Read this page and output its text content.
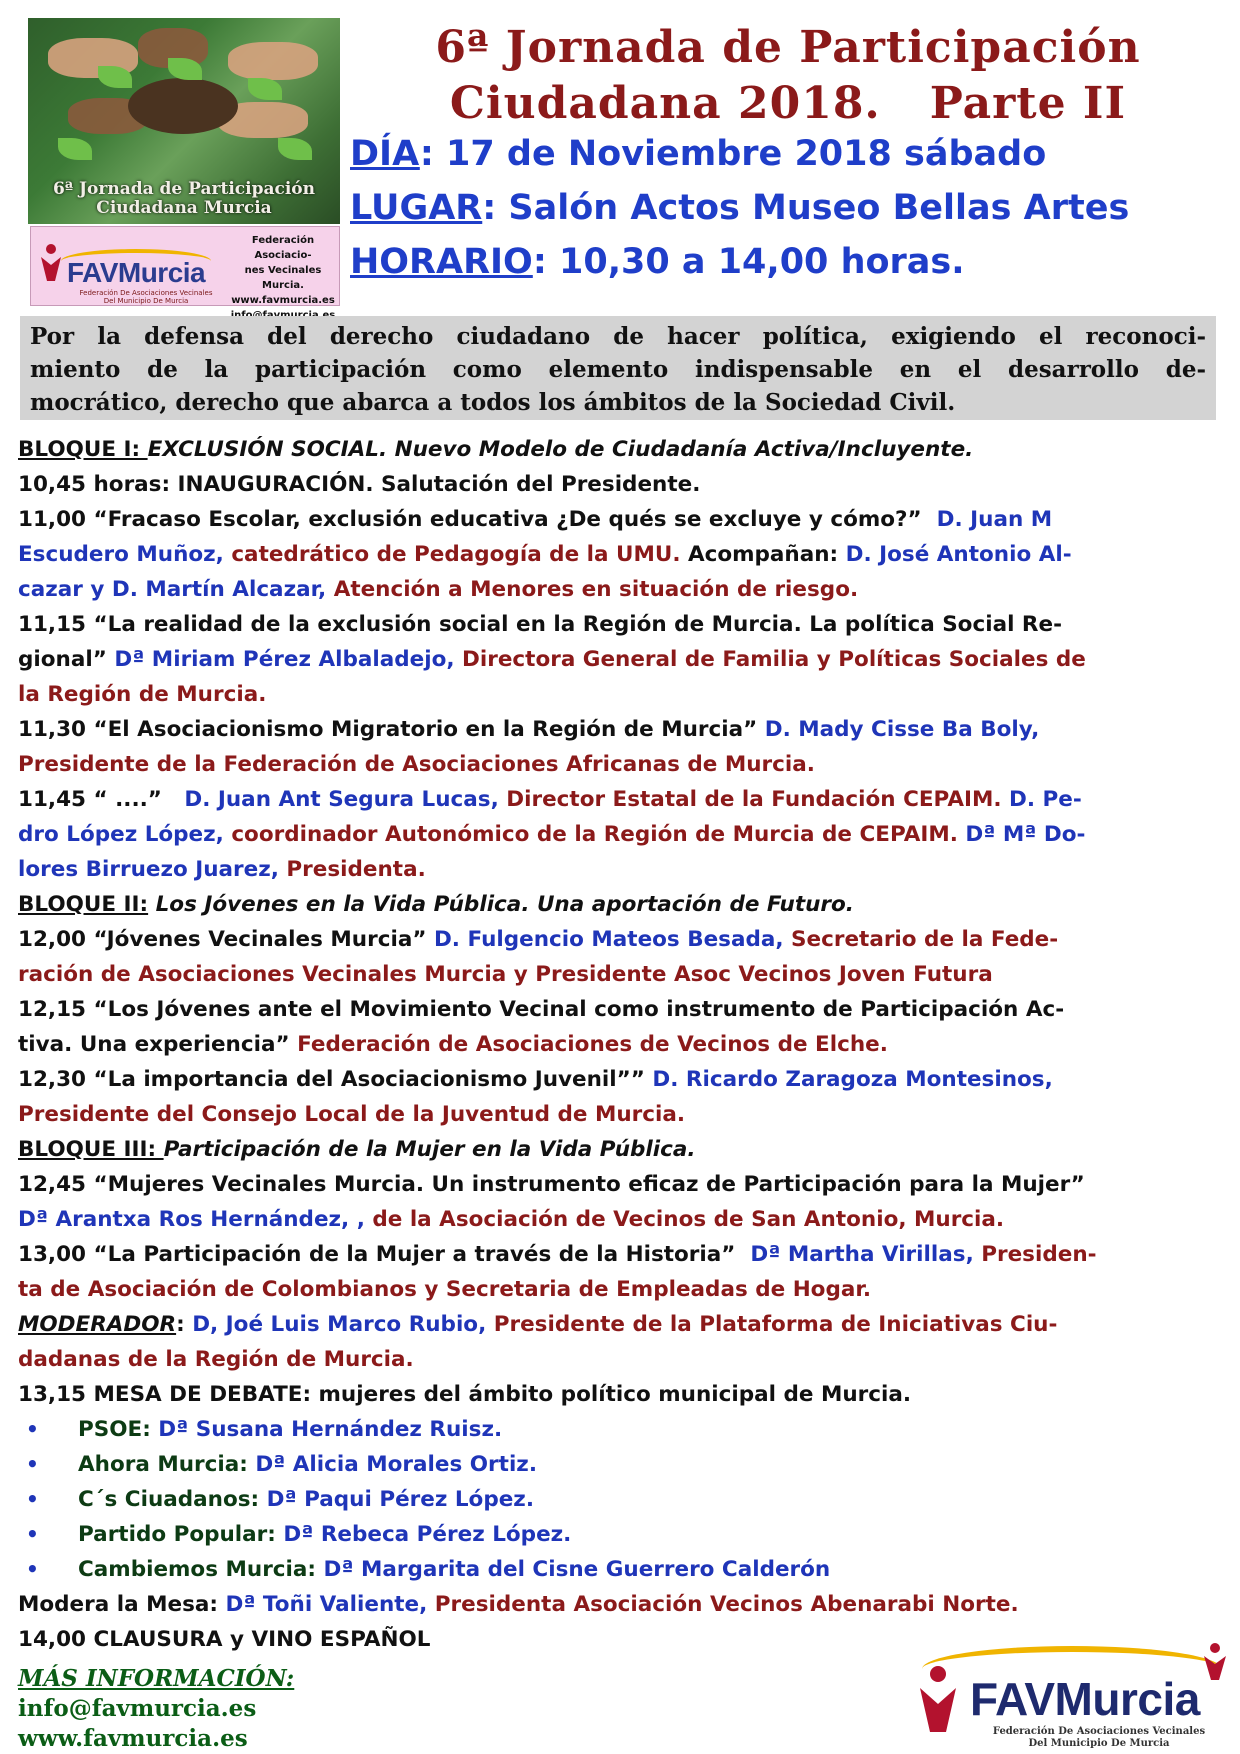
6ª Jornada de Participación
Ciudadana Murcia
FAVMurcia
Federación De Asociaciones Vecinales
Del Municipio De Murcia
Federación Asociacio-
nes Vecinales Murcia.
www.favmurcia.es
6ª Jornada de Participación
Ciudadana 2018.   Parte II
DÍA: 17 de Noviembre 2018 sábado
LUGAR: Salón Actos Museo Bellas Artes
HORARIO: 10,30 a 14,00 horas.
Por la defensa del derecho ciudadano de hacer política, exigiendo el reconoci-
miento de la participación como elemento indispensable en el desarrollo de-
mocrático, derecho que abarca a todos los ámbitos de la Sociedad Civil.
BLOQUE I: EXCLUSIÓN SOCIAL. Nuevo Modelo de Ciudadanía Activa/Incluyente.
10,45 horas: INAUGURACIÓN. Salutación del Presidente.
11,00 “Fracaso Escolar, exclusión educativa ¿De qués se excluye y cómo?”  D. Juan M
Escudero Muñoz, catedrático de Pedagogía de la UMU. Acompañan: D. José Antonio Al-
cazar y D. Martín Alcazar, Atención a Menores en situación de riesgo.
11,15 “La realidad de la exclusión social en la Región de Murcia. La política Social Re-
gional” Dª Miriam Pérez Albaladejo, Directora General de Familia y Políticas Sociales de
la Región de Murcia.
11,30 “El Asociacionismo Migratorio en la Región de Murcia” D. Mady Cisse Ba Boly,
Presidente de la Federación de Asociaciones Africanas de Murcia.
11,45 “ ....”   D. Juan Ant Segura Lucas, Director Estatal de la Fundación CEPAIM. D. Pe-
dro López López, coordinador Autonómico de la Región de Murcia de CEPAIM. Dª Mª Do-
lores Birruezo Juarez, Presidenta.
BLOQUE II: Los Jóvenes en la Vida Pública. Una aportación de Futuro.
12,00 “Jóvenes Vecinales Murcia” D. Fulgencio Mateos Besada, Secretario de la Fede-
ración de Asociaciones Vecinales Murcia y Presidente Asoc Vecinos Joven Futura
12,15 “Los Jóvenes ante el Movimiento Vecinal como instrumento de Participación Ac-
tiva. Una experiencia” Federación de Asociaciones de Vecinos de Elche.
12,30 “La importancia del Asociacionismo Juvenil”” D. Ricardo Zaragoza Montesinos,
Presidente del Consejo Local de la Juventud de Murcia.
BLOQUE III: Participación de la Mujer en la Vida Pública.
12,45 “Mujeres Vecinales Murcia. Un instrumento eficaz de Participación para la Mujer”
Dª Arantxa Ros Hernández, , de la Asociación de Vecinos de San Antonio, Murcia.
13,00 “La Participación de la Mujer a través de la Historia”  Dª Martha Virillas, Presiden-
ta de Asociación de Colombianos y Secretaria de Empleadas de Hogar.
MODERADOR: D, Joé Luis Marco Rubio, Presidente de la Plataforma de Iniciativas Ciu-
dadanas de la Región de Murcia.
13,15 MESA DE DEBATE: mujeres del ámbito político municipal de Murcia.
• PSOE: Dª Susana Hernández Ruisz.
• Ahora Murcia: Dª Alicia Morales Ortiz.
• C´s Ciuadanos: Dª Paqui Pérez López.
• Partido Popular: Dª Rebeca Pérez López.
• Cambiemos Murcia: Dª Margarita del Cisne Guerrero Calderón
Modera la Mesa: Dª Toñi Valiente, Presidenta Asociación Vecinos Abenarabi Norte.
14,00 CLAUSURA y VINO ESPAÑOL
MÁS INFORMACIÓN:
info@favmurcia.es
www.favmurcia.es
FAVMurcia
Federación De Asociaciones Vecinales
Del Municipio De Murcia
